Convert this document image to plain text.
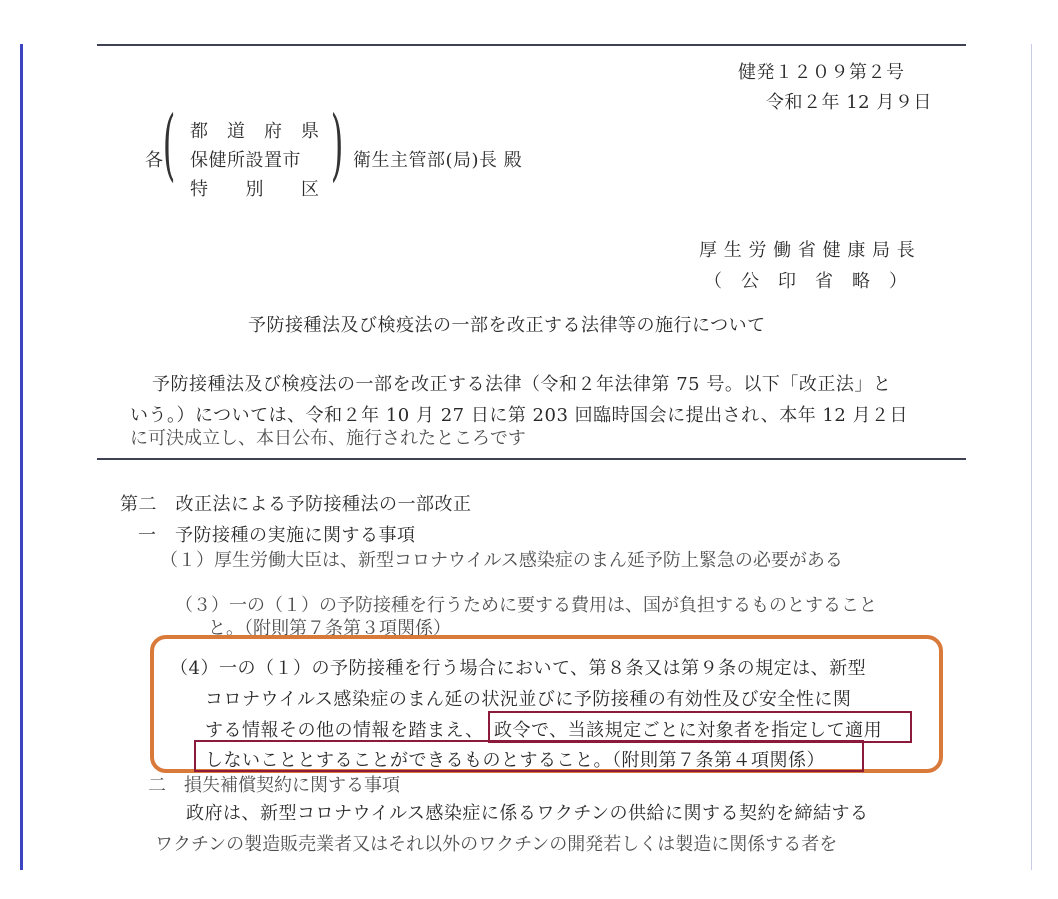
健発１２０９第２号
令和２年 12 月９日
各 ( 都　道　府　県
保健所設置市
特　　別　　区
) 衛生主管部(局)長 殿
厚 生 労 働 省 健 康 局 長
（　公　印　省　略　）
予防接種法及び検疫法の一部を改正する法律等の施行について
予防接種法及び検疫法の一部を改正する法律（令和２年法律第 75 号。以下「改正法」と
いう。）については、令和２年 10 月 27 日に第 203 回臨時国会に提出され、本年 12 月２日
に可決成立し、本日公布、施行されたところです
第二　改正法による予防接種法の一部改正
一　予防接種の実施に関する事項
（１）厚生労働大臣は、新型コロナウイルス感染症のまん延予防上緊急の必要がある
（３）一の（１）の予防接種を行うために要する費用は、国が負担するものとすること
と。（附則第７条第３項関係）
（4）一の（１）の予防接種を行う場合において、第８条又は第９条の規定は、新型
コロナウイルス感染症のまん延の状況並びに予防接種の有効性及び安全性に関
する情報その他の情報を踏まえ、 政令で、当該規定ごとに対象者を指定して適用
しないこととすることができるものとすること。（附則第７条第４項関係）
二　損失補償契約に関する事項
政府は、新型コロナウイルス感染症に係るワクチンの供給に関する契約を締結する
ワクチンの製造販売業者又はそれ以外のワクチンの開発若しくは製造に関係する者を
